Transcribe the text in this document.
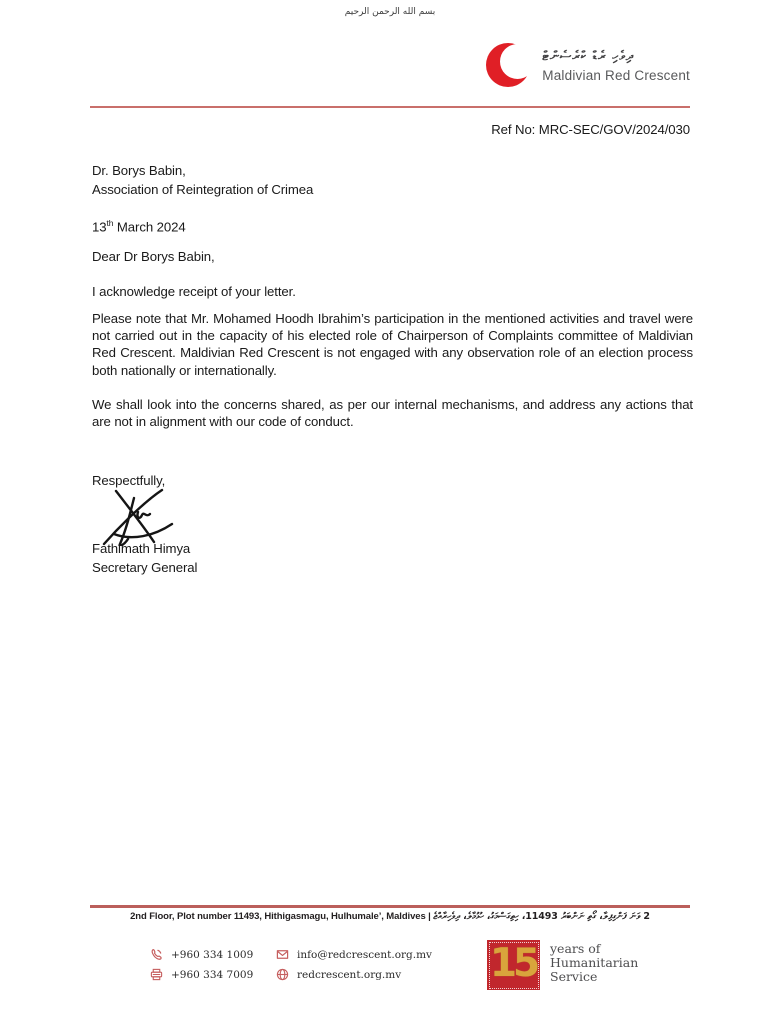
بسم الله الرحمن الرحيم
ދިވެހި ރެޑް ކްރެސެންޓް
Maldivian Red Crescent
Ref No: MRC-SEC/GOV/2024/030
Dr. Borys Babin,
Association of Reintegration of Crimea
13th March 2024
Dear Dr Borys Babin,
I acknowledge receipt of your letter.
Please note that Mr. Mohamed Hoodh Ibrahim’s participation in the mentioned activities and travel were not carried out in the capacity of his elected role of Chairperson of Complaints committee of Maldivian Red Crescent. Maldivian Red Crescent is not engaged with any observation role of an election process both nationally or internationally.
We shall look into the concerns shared, as per our internal mechanisms, and address any actions that are not in alignment with our code of conduct.
Respectfully,
Fathimath Himya
Secretary General
2nd Floor, Plot number 11493, Hithigasmagu, Hulhumale’, Maldives | 2 ވަނަ ފަންގިފިލާ، ގޯތި ނަންބަރު 11493، ހިތިގަސްމަގު، ހުޅުމާލެ، ދިވެހިރާއްޖެ
+960 334 1009
+960 334 7009
info@redcrescent.org.mv
redcrescent.org.mv 15	years of
Humanitarian
Service
